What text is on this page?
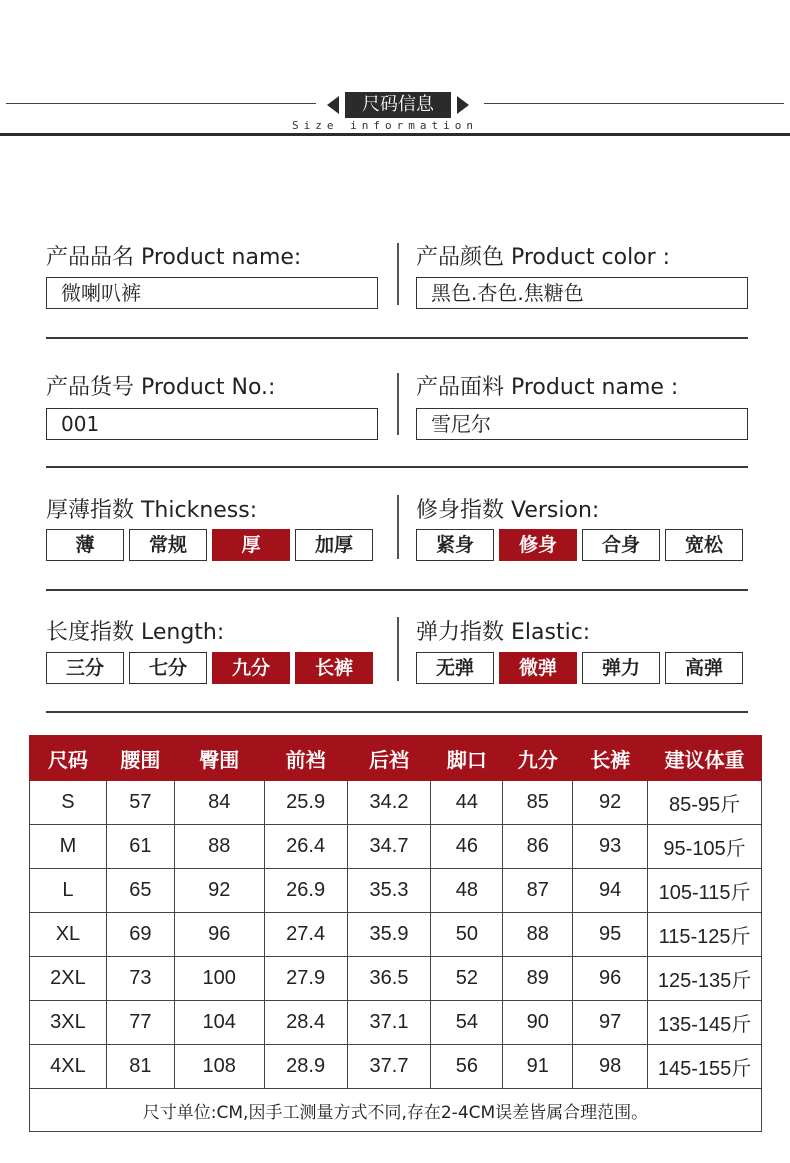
尺码信息
Size information
产品品名 Product name:
微喇叭裤
产品颜色 Product color :
黑色.杏色.焦糖色
产品货号 Product No.:
001
产品面料 Product name :
雪尼尔
厚薄指数 Thickness:
薄	常规	厚	加厚
修身指数 Version:
紧身	修身	合身	宽松
长度指数 Length:
三分	七分	九分	长裤
弹力指数 Elastic:
无弹	微弹	弹力	高弹
尺码	腰围	臀围	前裆	后裆	脚口	九分	长裤	建议体重
S	57	84	25.9	34.2	44	85	92	85-95斤
M	61	88	26.4	34.7	46	86	93	95-105斤
L	65	92	26.9	35.3	48	87	94	105-115斤
XL	69	96	27.4	35.9	50	88	95	115-125斤
2XL	73	100	27.9	36.5	52	89	96	125-135斤
3XL	77	104	28.4	37.1	54	90	97	135-145斤
4XL	81	108	28.9	37.7	56	91	98	145-155斤
尺寸单位:CM,因手工测量方式不同,存在2-4CM误差皆属合理范围。								
